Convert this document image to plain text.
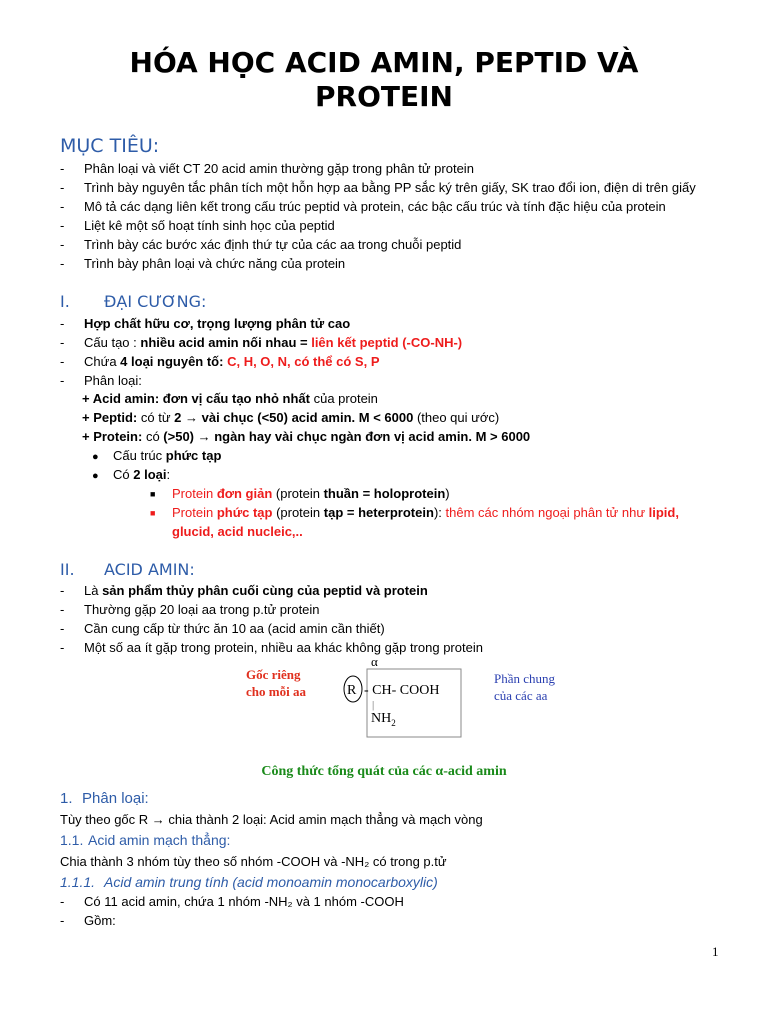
HÓA HỌC ACID AMIN, PEPTID VÀ
PROTEIN
MỤC TIÊU:
- Phân loại và viết CT 20 acid amin thường gặp trong phân tử protein
- Trình bày nguyên tắc phân tích một hỗn hợp aa bằng PP sắc ký trên giấy, SK trao đổi ion, điện di trên giấy
- Mô tả các dạng liên kết trong cấu trúc peptid và protein, các bậc cấu trúc và tính đặc hiệu của protein
- Liệt kê một số hoạt tính sinh học của peptid
- Trình bày các bước xác định thứ tự của các aa trong chuỗi peptid
- Trình bày phân loại và chức năng của protein
I. ĐẠI CƯƠNG:
- Hợp chất hữu cơ, trọng lượng phân tử cao
- Cấu tạo : nhiều acid amin nối nhau = liên kết peptid (-CO-NH-)
- Chứa 4 loại nguyên tố: C, H, O, N, có thể có S, P
- Phân loại:
+ Acid amin: đơn vị cấu tạo nhỏ nhất của protein
+ Peptid: có từ 2 → vài chục (<50) acid amin. M < 6000 (theo qui ước)
+ Protein: có (>50) → ngàn hay vài chục ngàn đơn vị acid amin. M > 6000
● Cấu trúc phức tạp
● Có 2 loại:
■ Protein đơn giản (protein thuần = holoprotein)
■ Protein phức tạp (protein tạp = heterprotein): thêm các nhóm ngoại phân tử như lipid,
glucid, acid nucleic,..
II. ACID AMIN:
- Là sản phẩm thủy phân cuối cùng của peptid và protein
- Thường gặp 20 loại aa trong p.tử protein
- Cần cung cấp từ thức ăn 10 aa (acid amin cần thiết)
- Một số aa ít gặp trong protein, nhiều aa khác không gặp trong protein
Gốc riêng
cho mỗi aa
α
R - CH- COOH
|
$NH_2$
Phần chung
của các aa
Công thức tổng quát của các α-acid amin
1. Phân loại:
Tùy theo gốc R → chia thành 2 loại: Acid amin mạch thẳng và mạch vòng
1.1. Acid amin mạch thẳng:
Chia thành 3 nhóm tùy theo số nhóm -COOH và -NH₂ có trong p.tử
1.1.1. Acid amin trung tính (acid monoamin monocarboxylic)
- Có 11 acid amin, chứa 1 nhóm -NH₂ và 1 nhóm -COOH
- Gồm:
1
